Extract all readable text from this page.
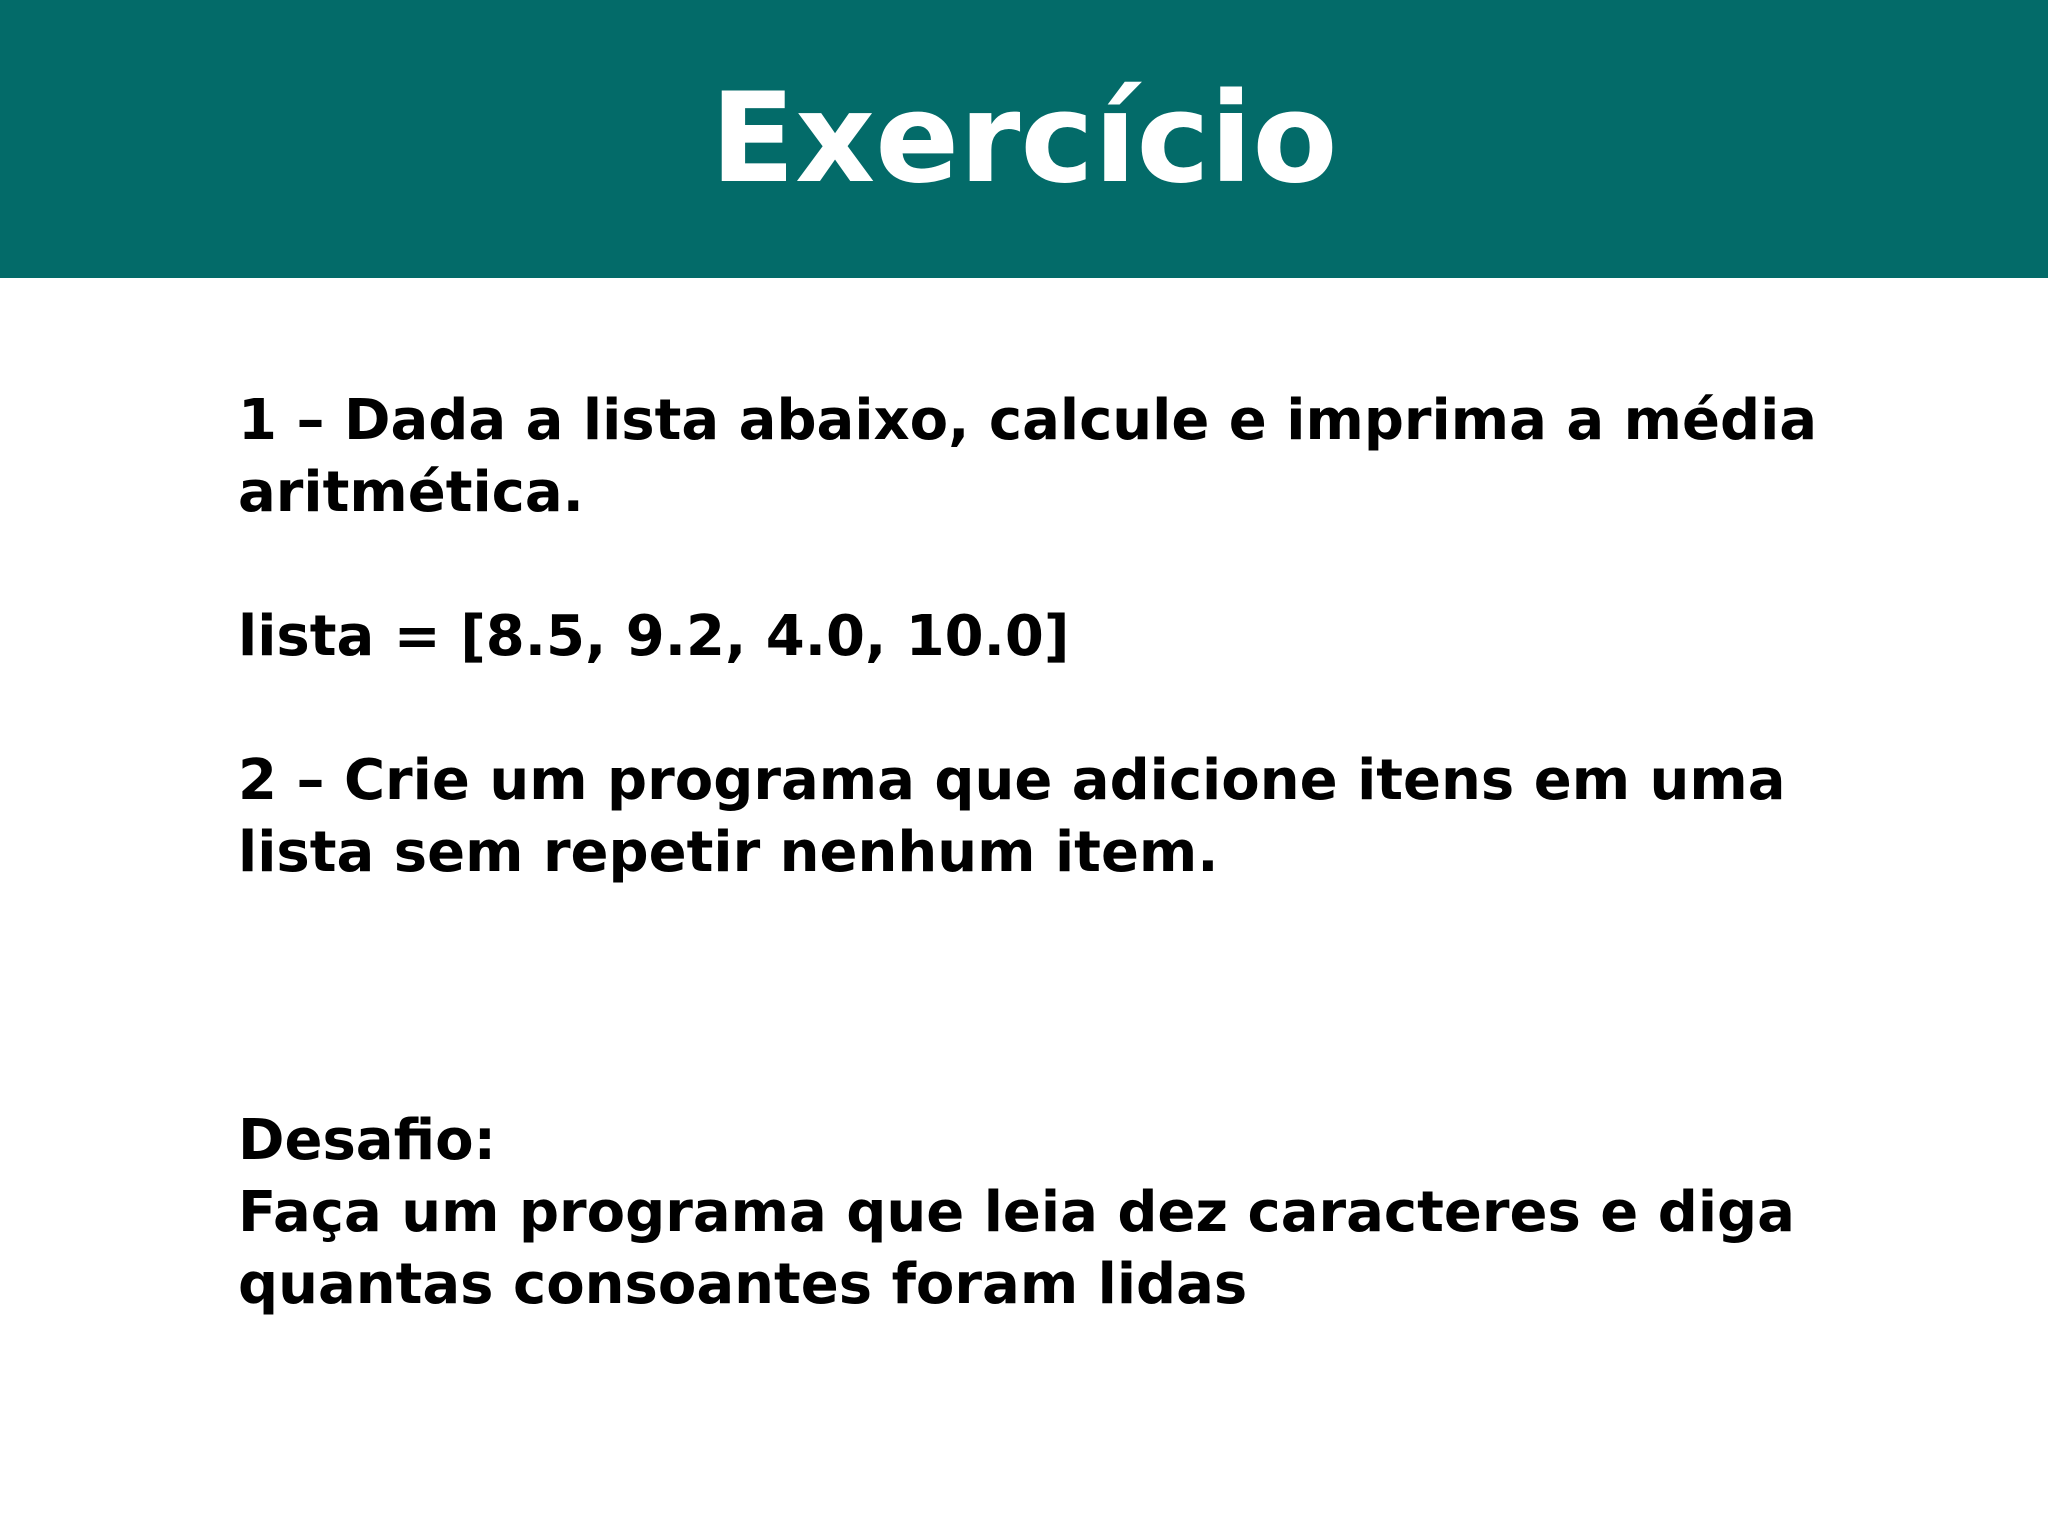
Exercício
1 – Dada a lista abaixo, calcule e imprima a média
aritmética.
lista = [8.5, 9.2, 4.0, 10.0]
2 – Crie um programa que adicione itens em uma
lista sem repetir nenhum item.
Desafio:
Faça um programa que leia dez caracteres e diga
quantas consoantes foram lidas
